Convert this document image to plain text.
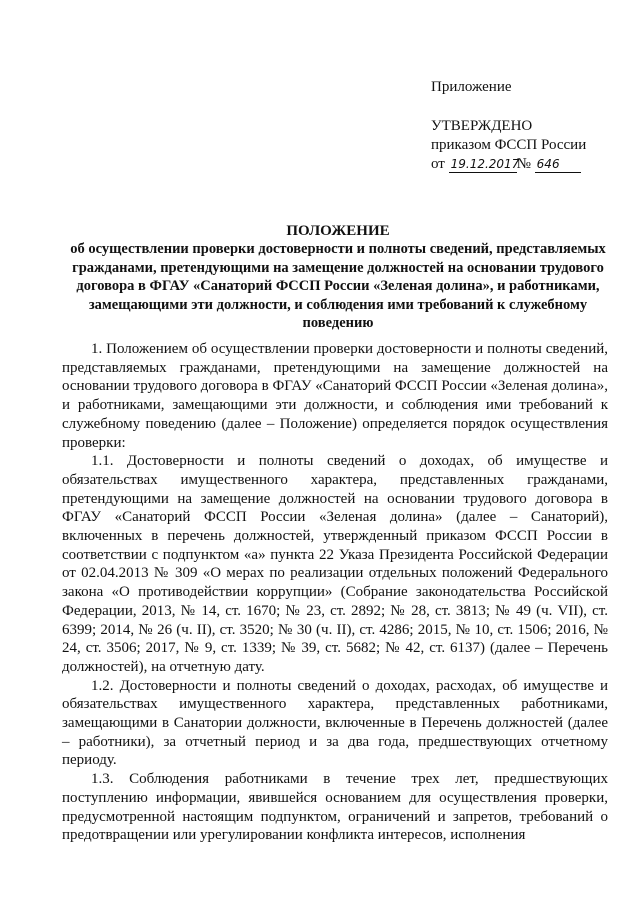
Приложение
УТВЕРЖДЕНО
приказом ФССП России
от 19.12.2017№ 646
ПОЛОЖЕНИЕ
об осуществлении проверки достоверности и полноты сведений, представляемых гражданами, претендующими на замещение должностей на основании трудового договора в ФГАУ «Санаторий ФССП России «Зеленая долина», и работниками, замещающими эти должности, и соблюдения ими требований к служебному поведению

1. Положением об осуществлении проверки достоверности и полноты сведений, представляемых гражданами, претендующими на замещение должностей на основании трудового договора в ФГАУ «Санаторий ФССП России «Зеленая долина», и работниками, замещающими эти должности, и соблюдения ими требований к служебному поведению (далее – Положение) определяется порядок осуществления проверки:

1.1. Достоверности и полноты сведений о доходах, об имуществе и обязательствах имущественного характера, представленных гражданами, претендующими на замещение должностей на основании трудового договора в ФГАУ «Санаторий ФССП России «Зеленая долина» (далее – Санаторий), включенных в перечень должностей, утвержденный приказом ФССП России в соответствии с подпунктом «а» пункта 22 Указа Президента Российской Федерации от 02.04.2013 № 309 «О мерах по реализации отдельных положений Федерального закона «О противодействии коррупции» (Собрание законодательства Российской Федерации, 2013, № 14, ст. 1670; № 23, ст. 2892; № 28, ст. 3813; № 49 (ч. VII), ст. 6399; 2014, № 26 (ч. II), ст. 3520; № 30 (ч. II), ст. 4286; 2015, № 10, ст. 1506; 2016, № 24, ст. 3506; 2017, № 9, ст. 1339; № 39, ст. 5682; № 42, ст. 6137) (далее – Перечень должностей), на отчетную дату.

1.2. Достоверности и полноты сведений о доходах, расходах, об имуществе и обязательствах имущественного характера, представленных работниками, замещающими в Санатории должности, включенные в Перечень должностей (далее – работники), за отчетный период и за два года, предшествующих отчетному периоду.

1.3. Соблюдения работниками в течение трех лет, предшествующих поступлению информации, явившейся основанием для осуществления проверки, предусмотренной настоящим подпунктом, ограничений и запретов, требований о предотвращении или урегулировании конфликта интересов, исполнения
